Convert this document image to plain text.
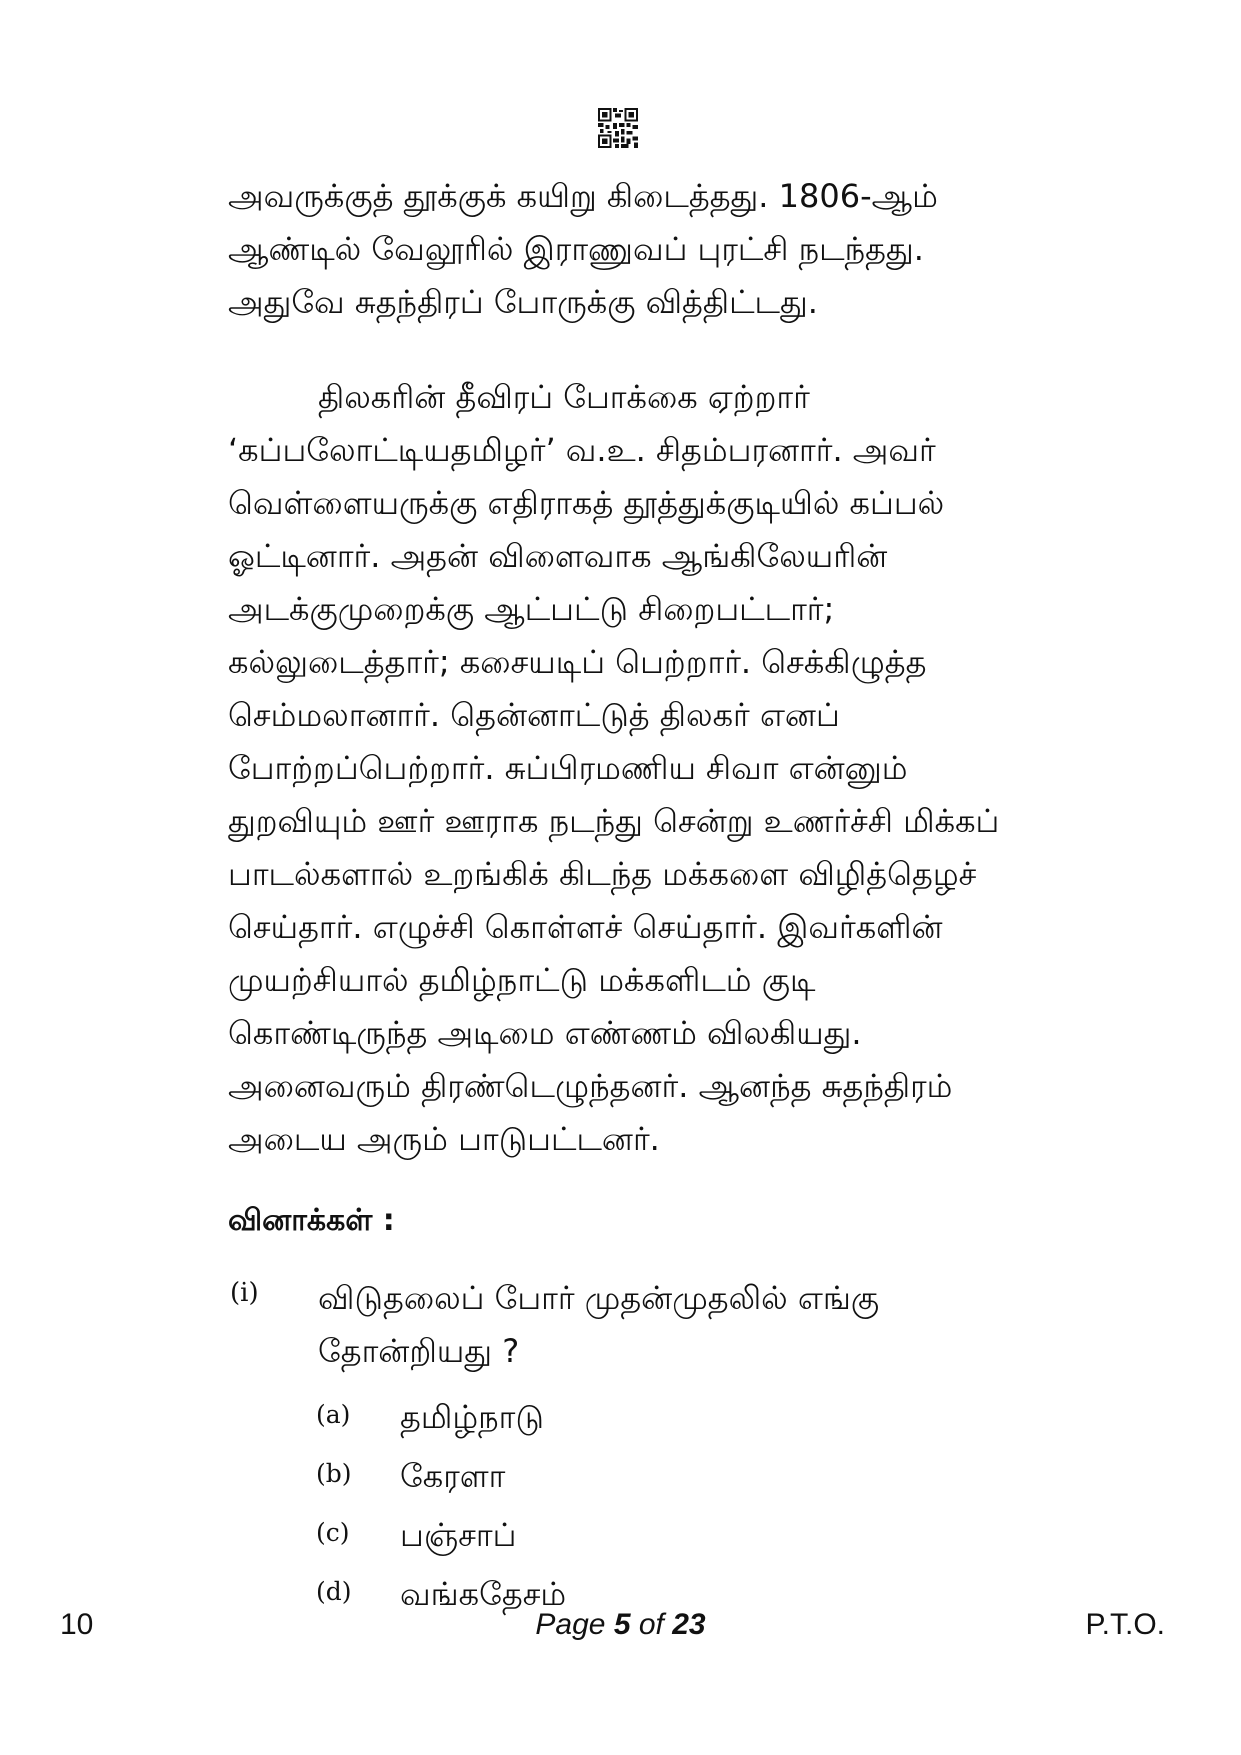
அவருக்குத் தூக்குக் கயிறு கிடைத்தது. 1806-ஆம்

ஆண்டில் வேலூரில் இராணுவப் புரட்சி நடந்தது.

அதுவே சுதந்திரப் போருக்கு வித்திட்டது.

திலகரின் தீவிரப் போக்கை ஏற்றார்

‘கப்பலோட்டியதமிழர்’ வ.உ. சிதம்பரனார். அவர்

வெள்ளையருக்கு எதிராகத் தூத்துக்குடியில் கப்பல்

ஓட்டினார். அதன் விளைவாக ஆங்கிலேயரின்

அடக்குமுறைக்கு ஆட்பட்டு சிறைபட்டார்;

கல்லுடைத்தார்; கசையடிப் பெற்றார். செக்கிழுத்த

செம்மலானார். தென்னாட்டுத் திலகர் எனப்

போற்றப்பெற்றார். சுப்பிரமணிய சிவா என்னும்

துறவியும் ஊர் ஊராக நடந்து சென்று உணர்ச்சி மிக்கப்

பாடல்களால் உறங்கிக் கிடந்த மக்களை விழித்தெழச்

செய்தார். எழுச்சி கொள்ளச் செய்தார். இவர்களின்

முயற்சியால் தமிழ்நாட்டு மக்களிடம் குடி

கொண்டிருந்த அடிமை எண்ணம் விலகியது.

அனைவரும் திரண்டெழுந்தனர். ஆனந்த சுதந்திரம்

அடைய அரும் பாடுபட்டனர்.

வினாக்கள் :
(i) விடுதலைப் போர் முதன்முதலில் எங்கு

தோன்றியது ?

(a) தமிழ்நாடு
(b) கேரளா
(c) பஞ்சாப்
(d) வங்கதேசம்
10	Page 5 of 23	P.T.O.
